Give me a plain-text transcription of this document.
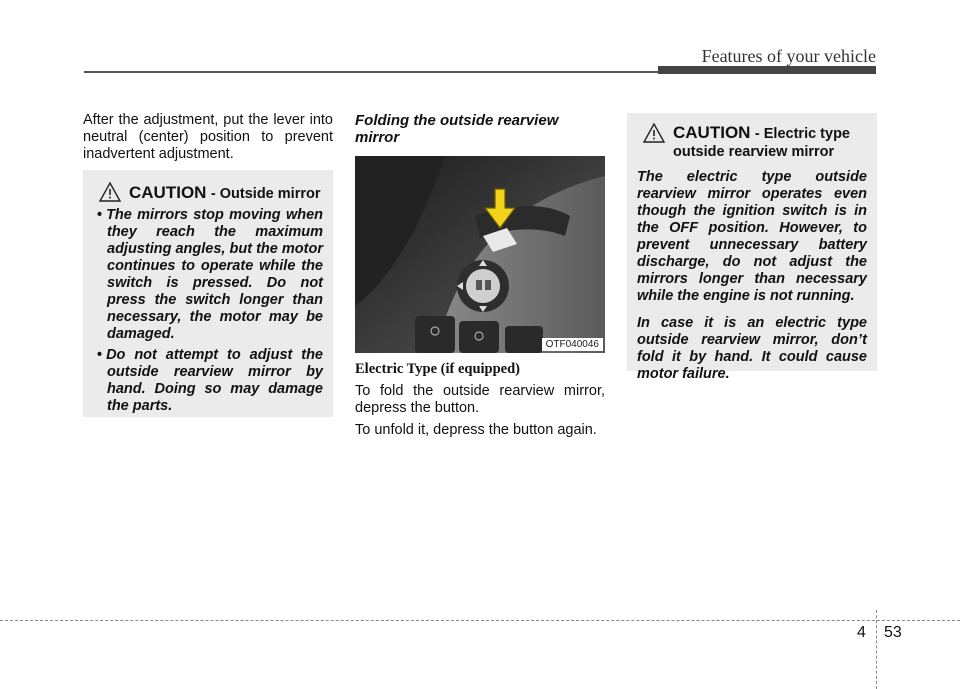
Features of your vehicle

After the adjustment, put the lever into neutral (center) position to prevent inadvertent adjustment.

CAUTION - Outside mirror
• The mirrors stop moving when they reach the maximum adjusting angles, but the motor continues to operate while the switch is pressed. Do not press the switch longer than necessary, the motor may be damaged.
• Do not attempt to adjust the outside rearview mirror by hand. Doing so may damage the parts.
Folding the outside rearview mirror
OTF040046
Electric Type (if equipped)

To fold the outside rearview mirror, depress the button.

To unfold it, depress the button again.

CAUTION - Electric type outside rearview mirror

The electric type outside rearview mirror operates even though the ignition switch is in the OFF position. However, to prevent unnecessary battery discharge, do not adjust the mirrors longer than necessary while the engine is not running.

In case it is an electric type outside rearview mirror, don’t fold it by hand. It could cause motor failure.

4 53
